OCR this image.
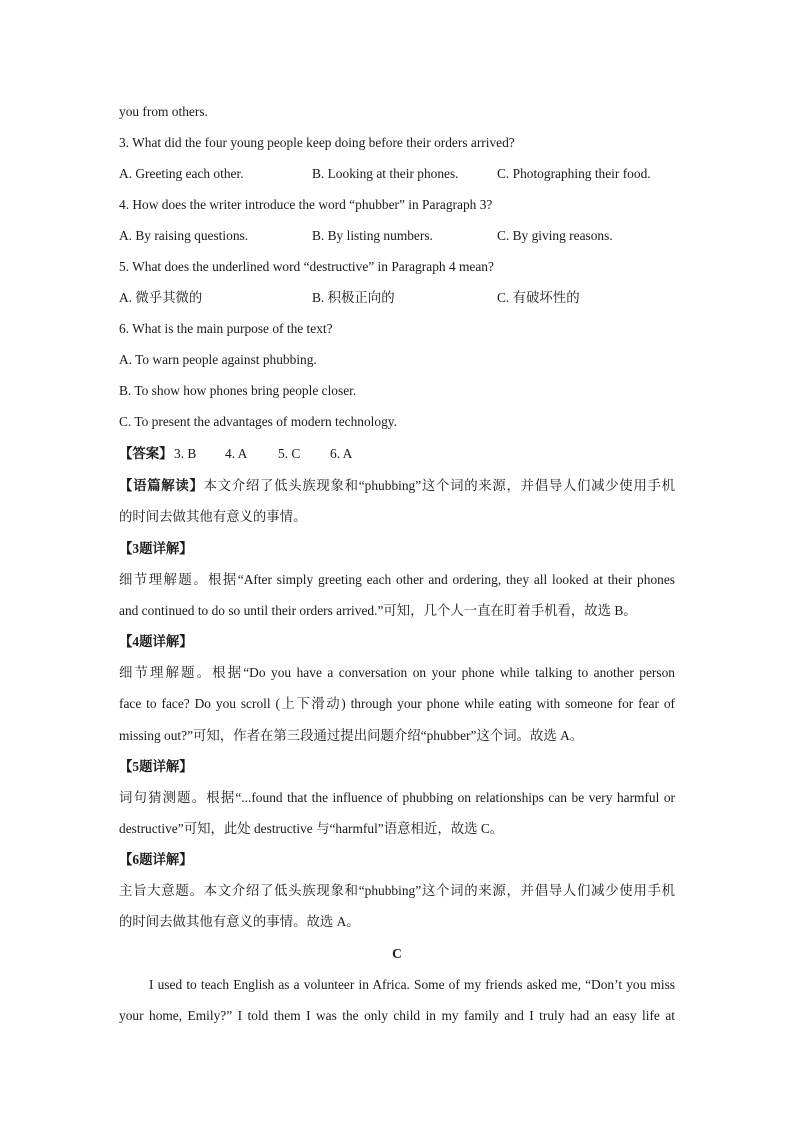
you from others.
3. What did the four young people keep doing before their orders arrived?
A. Greeting each other.	B. Looking at their phones.	C. Photographing their food.
4. How does the writer introduce the word “phubber” in Paragraph 3?
A. By raising questions.	B. By listing numbers.	C. By giving reasons.
5. What does the underlined word “destructive” in Paragraph 4 mean?
A. 微乎其微的	B. 积极正向的	C. 有破坏性的
6. What is the main purpose of the text?
A. To warn people against phubbing.
B. To show how phones bring people closer.
C. To present the advantages of modern technology.
【答案】 3. B 4. A 5. C 6. A
【语篇解读】本文介绍了低头族现象和“phubbing”这个词的来源，并倡导人们减少使用手机
的时间去做其他有意义的事情。
【3题详解】
细节理解题。根据“After simply greeting each other and ordering, they all looked at their phones
and continued to do so until their orders arrived.”可知，几个人一直在盯着手机看，故选 B。
【4题详解】
细节理解题。根据“Do you have a conversation on your phone while talking to another person
face to face? Do you scroll (上下滑动) through your phone while eating with someone for fear of
missing out?”可知，作者在第三段通过提出问题介绍“phubber”这个词。故选 A。
【5题详解】
词句猜测题。根据“...found that the influence of phubbing on relationships can be very harmful or
destructive”可知，此处 destructive 与“harmful”语意相近，故选 C。
【6题详解】
主旨大意题。本文介绍了低头族现象和“phubbing”这个词的来源，并倡导人们减少使用手机
的时间去做其他有意义的事情。故选 A。
C
I used to teach English as a volunteer in Africa. Some of my friends asked me, “Don’t you miss
your home, Emily?” I told them I was the only child in my family and I truly had an easy life at
